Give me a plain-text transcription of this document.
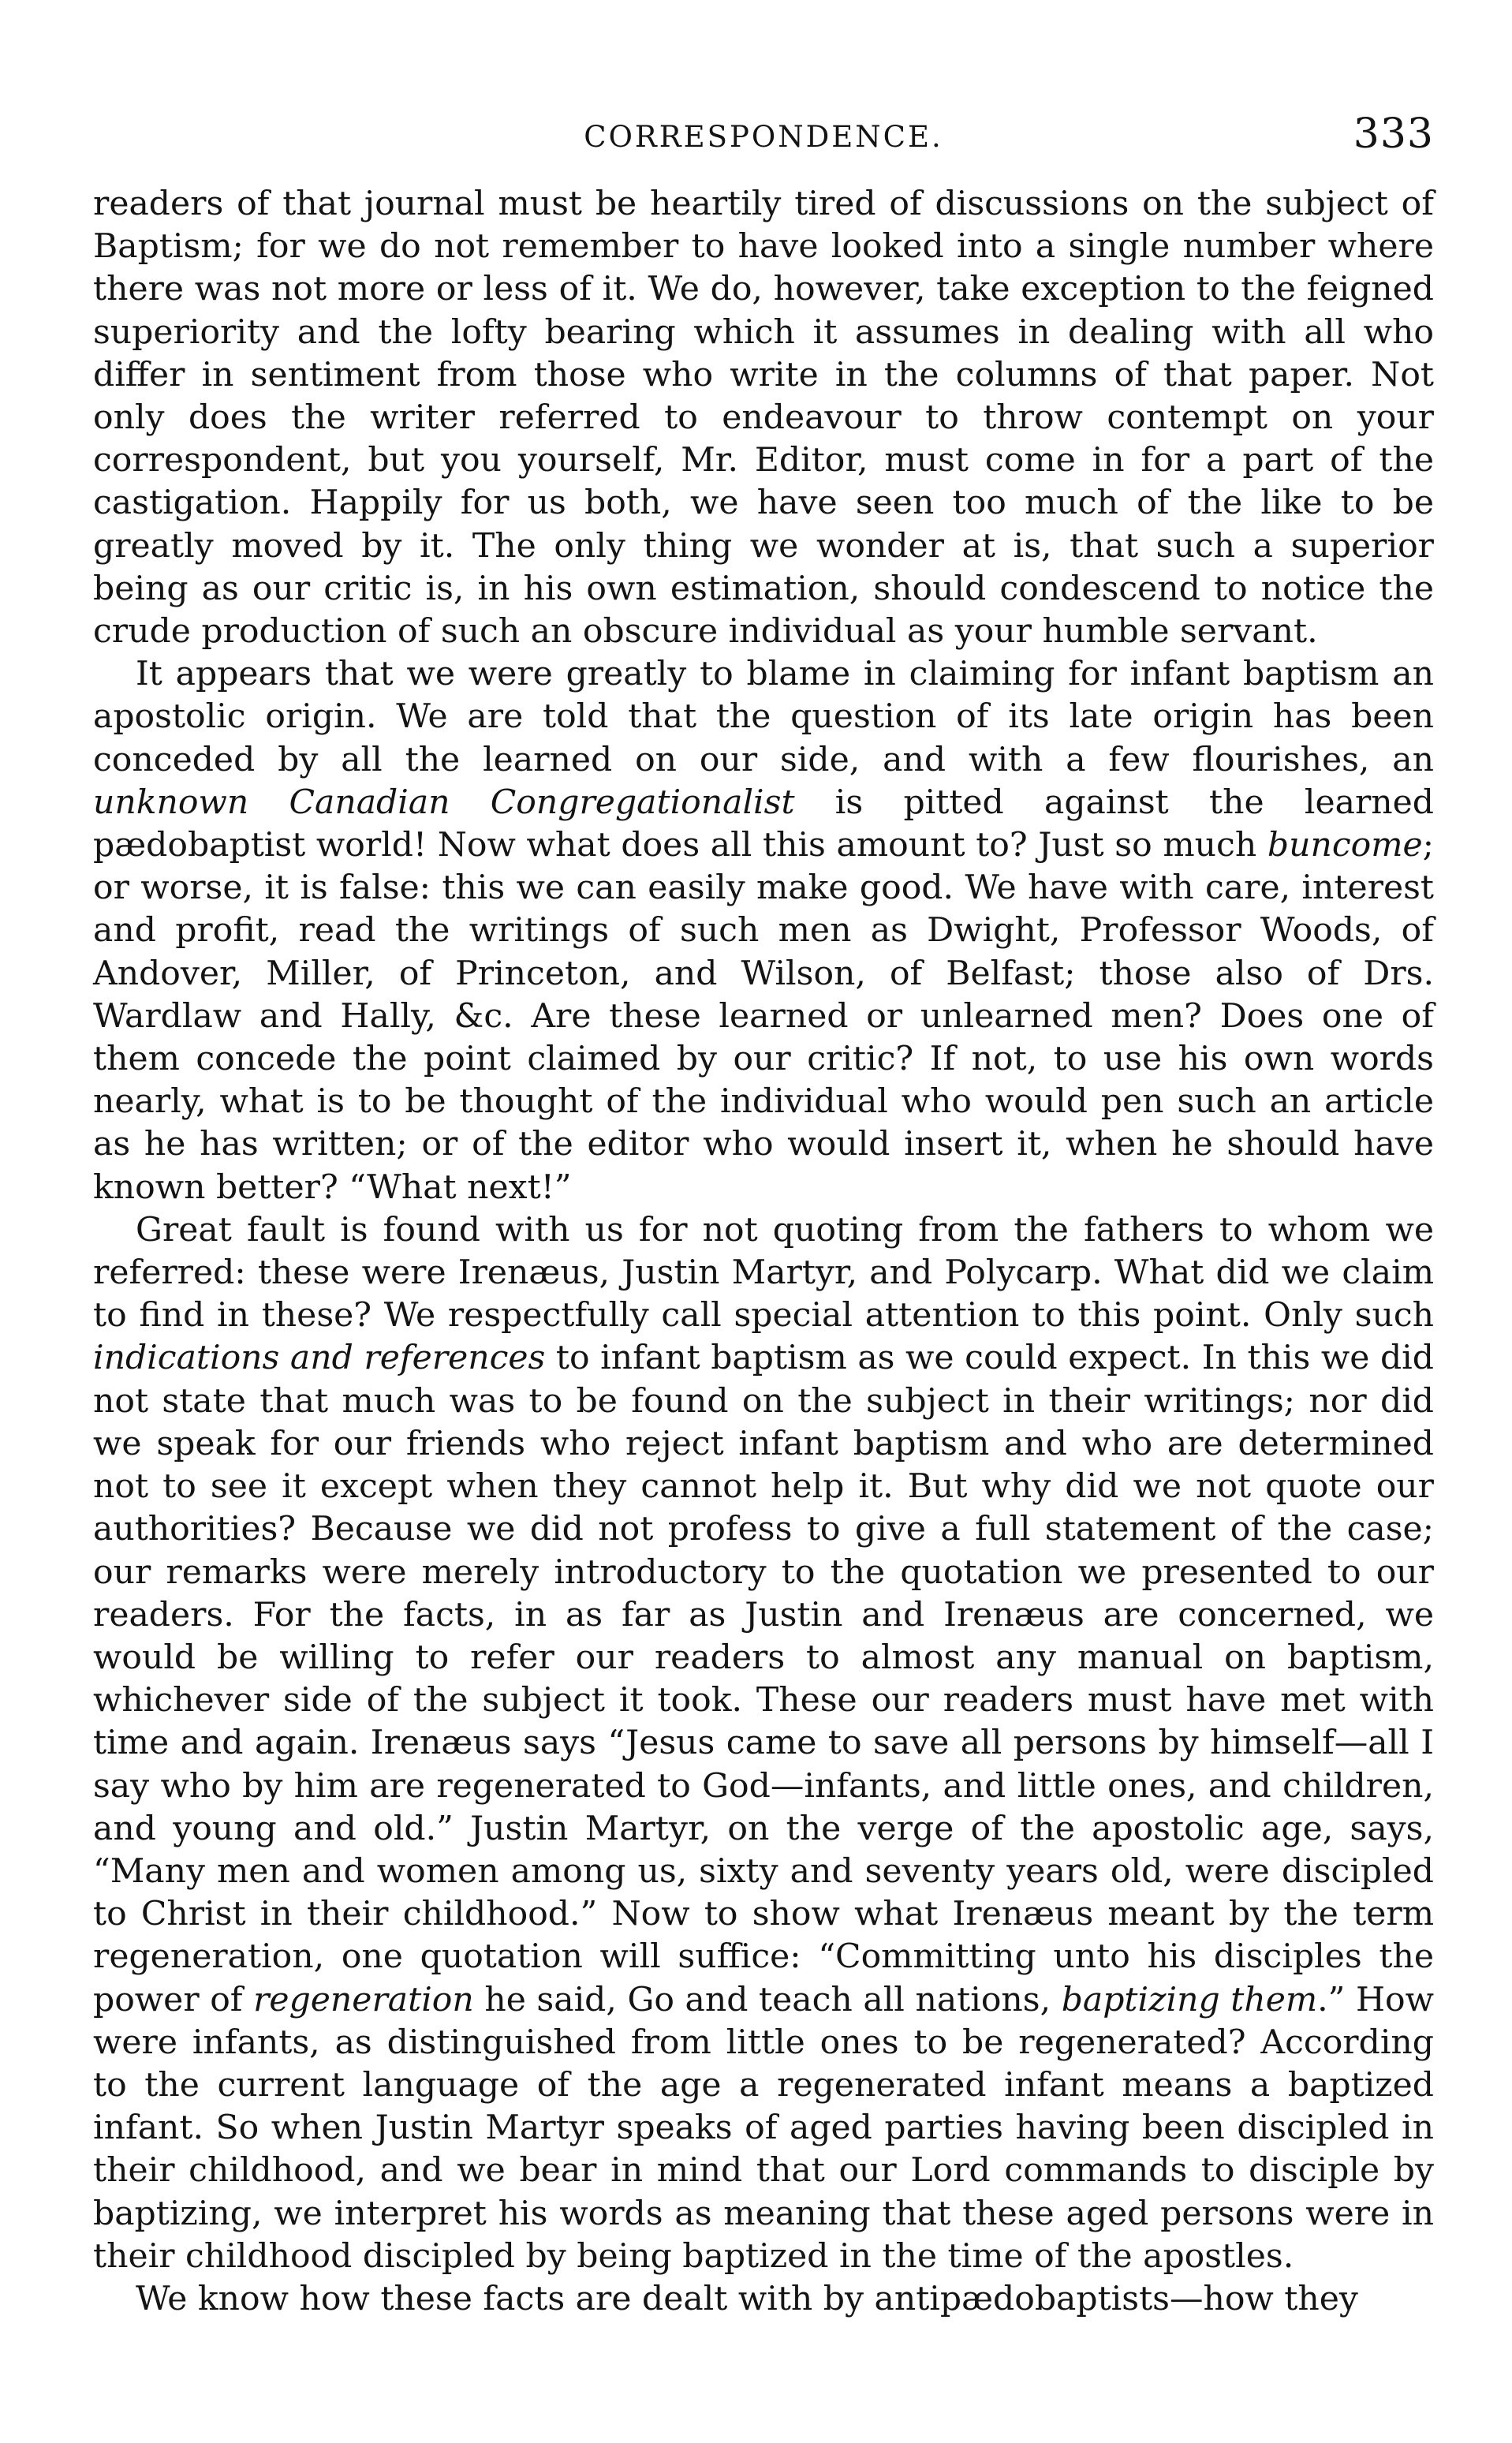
CORRESPONDENCE.	333

readers of that journal must be heartily tired of discussions on the subject of Baptism; for we do not remember to have looked into a single number where there was not more or less of it. We do, however, take exception to the feigned superiority and the lofty bearing which it assumes in dealing with all who differ in sentiment from those who write in the columns of that paper. Not only does the writer referred to endeavour to throw contempt on your correspondent, but you yourself, Mr. Editor, must come in for a part of the castigation. Happily for us both, we have seen too much of the like to be greatly moved by it. The only thing we wonder at is, that such a superior being as our critic is, in his own estimation, should condescend to notice the crude production of such an obscure individual as your humble servant.

It appears that we were greatly to blame in claiming for infant baptism an apostolic origin. We are told that the question of its late origin has been conceded by all the learned on our side, and with a few flourishes, an unknown Canadian Congregationalist is pitted against the learned pædobaptist world! Now what does all this amount to? Just so much buncome; or worse, it is false: this we can easily make good. We have with care, interest and profit, read the writings of such men as Dwight, Professor Woods, of Andover, Miller, of Princeton, and Wilson, of Belfast; those also of Drs. Wardlaw and Hally, &c. Are these learned or unlearned men? Does one of them concede the point claimed by our critic? If not, to use his own words nearly, what is to be thought of the individual who would pen such an article as he has written; or of the editor who would insert it, when he should have known better? “What next!”

Great fault is found with us for not quoting from the fathers to whom we referred: these were Irenæus, Justin Martyr, and Polycarp. What did we claim to find in these? We respectfully call special attention to this point. Only such indications and references to infant baptism as we could expect. In this we did not state that much was to be found on the subject in their writings; nor did we speak for our friends who reject infant baptism and who are determined not to see it except when they cannot help it. But why did we not quote our authorities? Because we did not profess to give a full statement of the case; our remarks were merely introductory to the quotation we presented to our readers. For the facts, in as far as Justin and Irenæus are concerned, we would be willing to refer our readers to almost any manual on baptism, whichever side of the subject it took. These our readers must have met with time and again. Irenæus says “Jesus came to save all persons by himself—all I say who by him are regenerated to God—infants, and little ones, and children, and young and old.” Justin Martyr, on the verge of the apostolic age, says, “Many men and women among us, sixty and seventy years old, were discipled to Christ in their childhood.” Now to show what Irenæus meant by the term regeneration, one quotation will suffice: “Committing unto his disciples the power of regeneration he said, Go and teach all nations, baptizing them.” How were infants, as distinguished from little ones to be regenerated? According to the current language of the age a regenerated infant means a baptized infant. So when Justin Martyr speaks of aged parties having been discipled in their childhood, and we bear in mind that our Lord commands to disciple by baptizing, we interpret his words as meaning that these aged persons were in their childhood discipled by being baptized in the time of the apostles.

We know how these facts are dealt with by antipædobaptists—how they
